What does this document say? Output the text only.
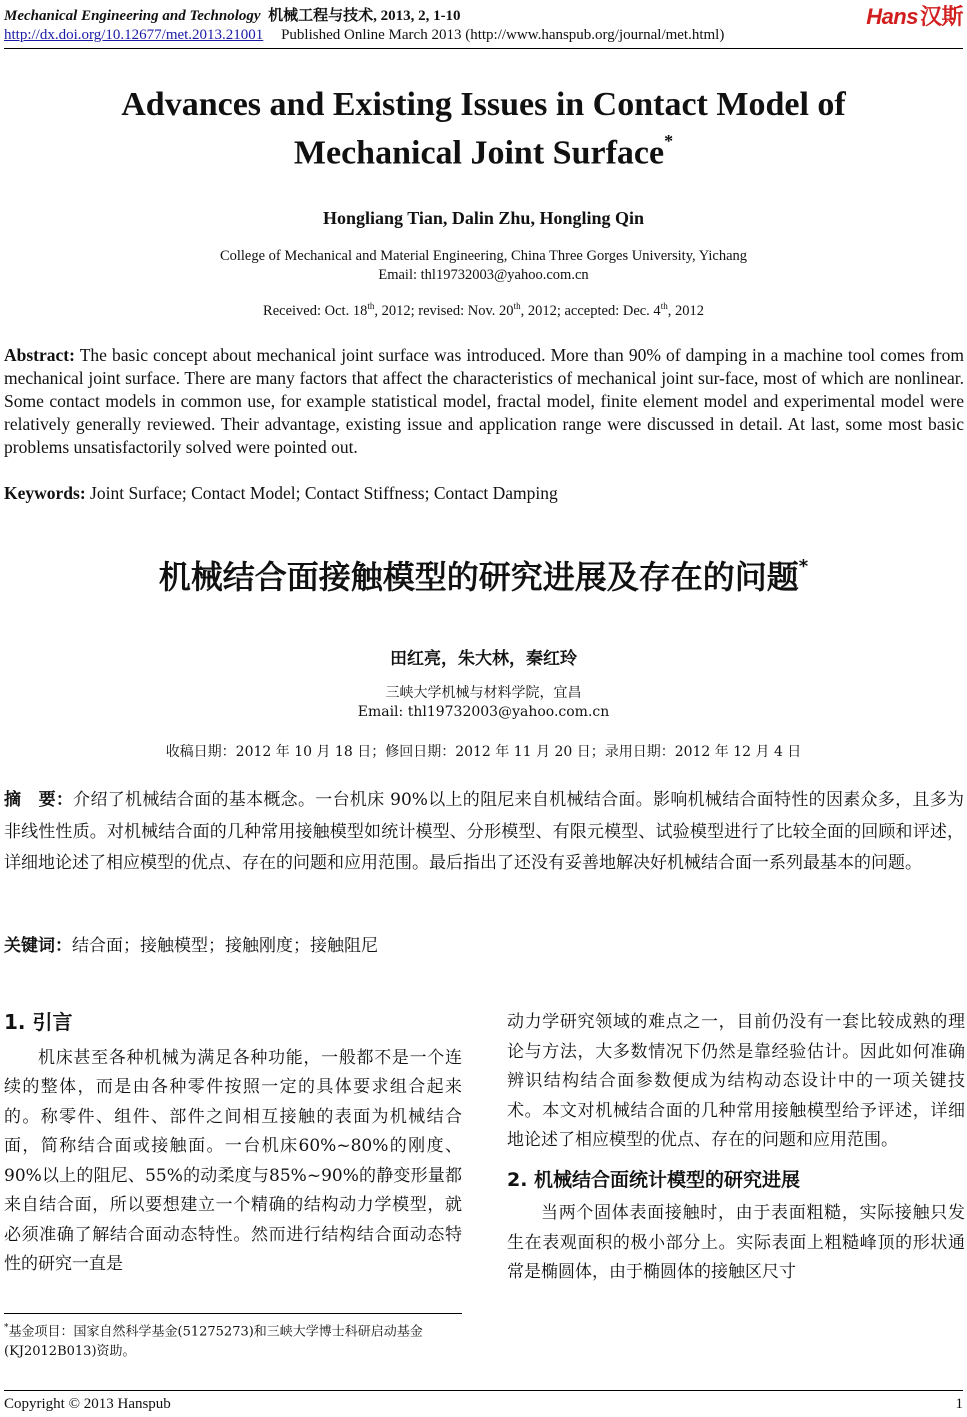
Mechanical Engineering and Technology 机械工程与技术, 2013, 2, 1-10	Hans汉斯
http://dx.doi.org/10.12677/met.2013.21001 Published Online March 2013 (http://www.hanspub.org/journal/met.html)
Advances and Existing Issues in Contact Model of
Mechanical Joint Surface*
Hongliang Tian, Dalin Zhu, Hongling Qin
College of Mechanical and Material Engineering, China Three Gorges University, Yichang
Email: thl19732003@yahoo.com.cn
Received: Oct. 18th, 2012; revised: Nov. 20th, 2012; accepted: Dec. 4th, 2012
Abstract: The basic concept about mechanical joint surface was introduced. More than 90% of damping in a machine tool comes from mechanical joint surface. There are many factors that affect the characteristics of mechanical joint sur-face, most of which are nonlinear. Some contact models in common use, for example statistical model, fractal model, finite element model and experimental model were relatively generally reviewed. Their advantage, existing issue and application range were discussed in detail. At last, some most basic problems unsatisfactorily solved were pointed out.
Keywords: Joint Surface; Contact Model; Contact Stiffness; Contact Damping
机械结合面接触模型的研究进展及存在的问题*
田红亮，朱大林，秦红玲
三峡大学机械与材料学院，宜昌
Email: thl19732003@yahoo.com.cn
收稿日期：2012 年 10 月 18 日；修回日期：2012 年 11 月 20 日；录用日期：2012 年 12 月 4 日
摘　要：介绍了机械结合面的基本概念。一台机床 90%以上的阻尼来自机械结合面。影响机械结合面特性的因素众多，且多为非线性性质。对机械结合面的几种常用接触模型如统计模型、分形模型、有限元模型、试验模型进行了比较全面的回顾和评述，详细地论述了相应模型的优点、存在的问题和应用范围。最后指出了还没有妥善地解决好机械结合面一系列最基本的问题。
关键词：结合面；接触模型；接触刚度；接触阻尼
1. 引言

机床甚至各种机械为满足各种功能，一般都不是一个连续的整体，而是由各种零件按照一定的具体要求组合起来的。称零件、组件、部件之间相互接触的表面为机械结合面，简称结合面或接触面。一台机床60%~80%的刚度、90%以上的阻尼、55%的动柔度与85%~90%的静变形量都来自结合面，所以要想建立一个精确的结构动力学模型，就必须准确了解结合面动态特性。然而进行结构结合面动态特性的研究一直是

动力学研究领域的难点之一，目前仍没有一套比较成熟的理论与方法，大多数情况下仍然是靠经验估计。因此如何准确辨识结构结合面参数便成为结构动态设计中的一项关键技术。本文对机械结合面的几种常用接触模型给予评述，详细地论述了相应模型的优点、存在的问题和应用范围。

2. 机械结合面统计模型的研究进展

当两个固体表面接触时，由于表面粗糙，实际接触只发生在表观面积的极小部分上。实际表面上粗糙峰顶的形状通常是椭圆体，由于椭圆体的接触区尺寸

*基金项目：国家自然科学基金(51275273)和三峡大学博士科研启动基金(KJ2012B013)资助。
Copyright © 2013 Hanspub	1
